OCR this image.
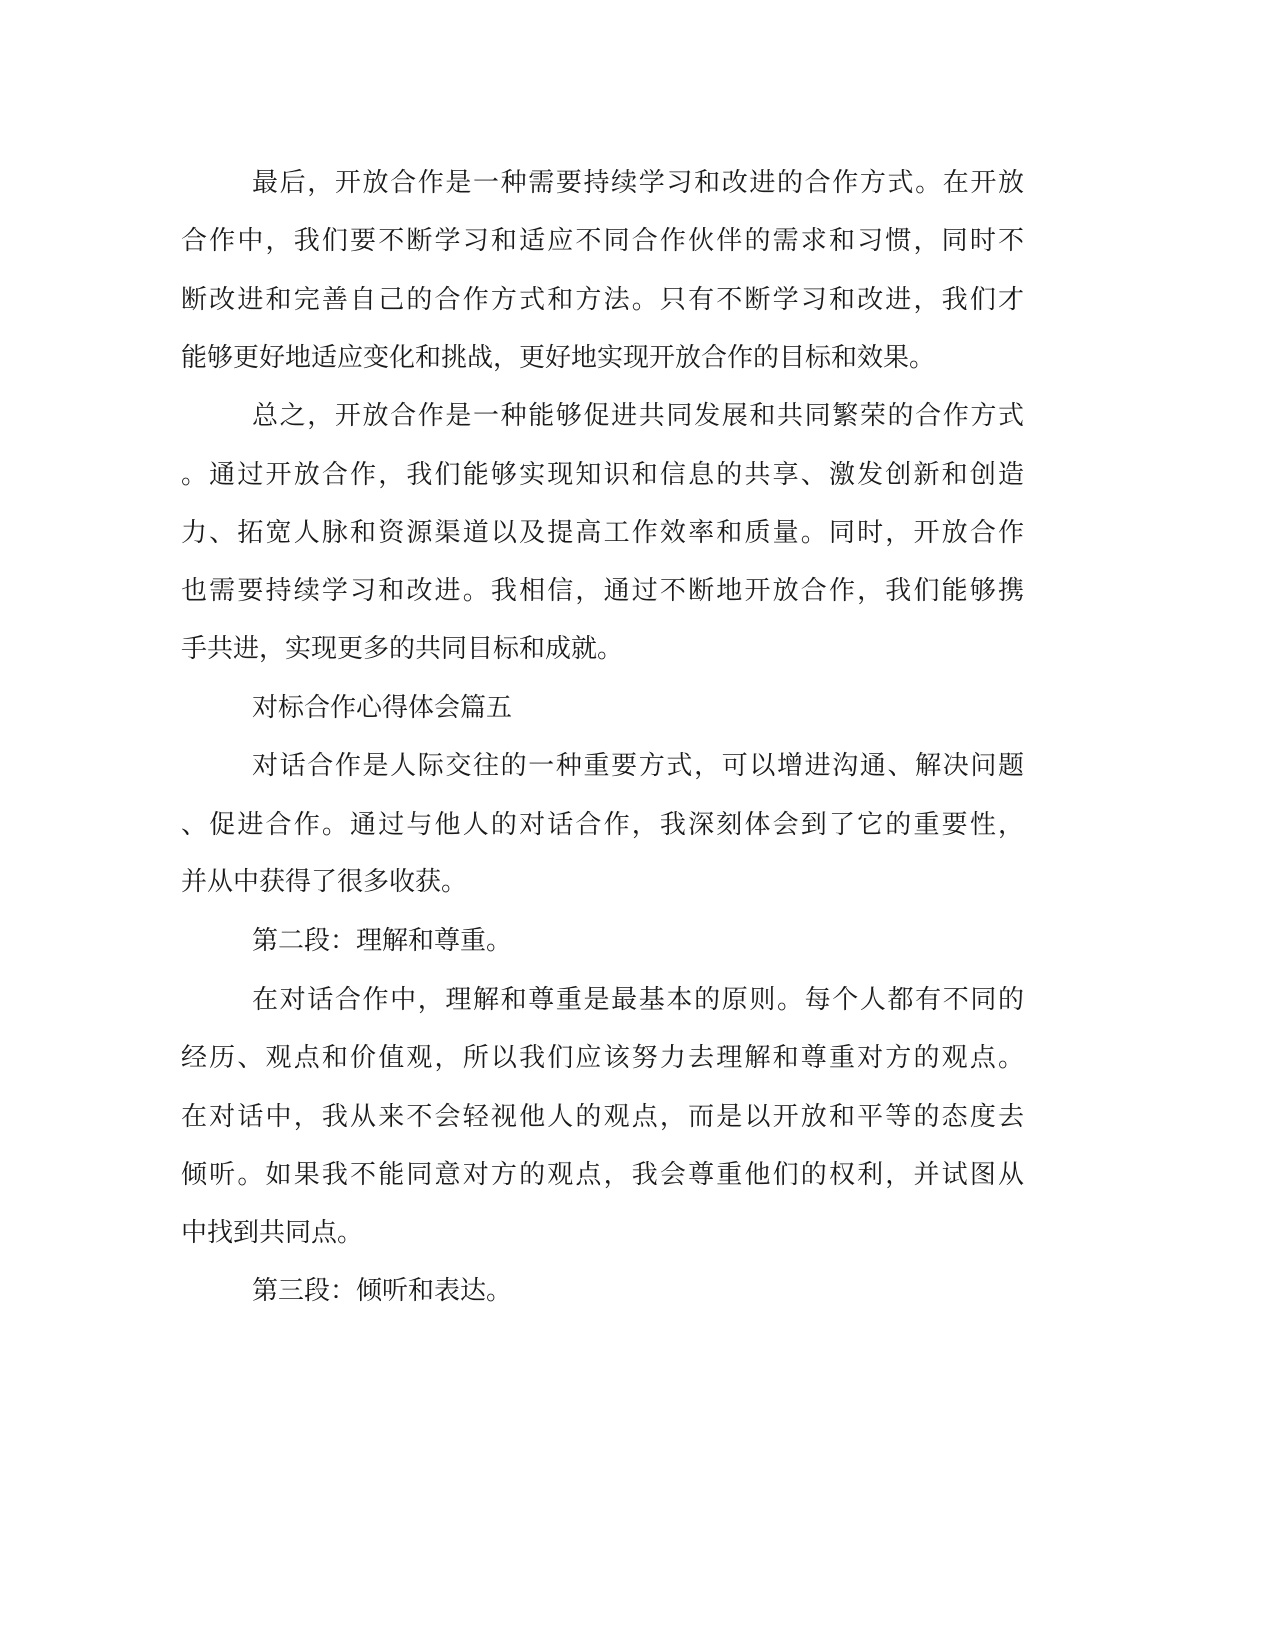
最后，开放合作是一种需要持续学习和改进的合作方式。在开放
合作中，我们要不断学习和适应不同合作伙伴的需求和习惯，同时不
断改进和完善自己的合作方式和方法。只有不断学习和改进，我们才
能够更好地适应变化和挑战，更好地实现开放合作的目标和效果。
总之，开放合作是一种能够促进共同发展和共同繁荣的合作方式
。通过开放合作，我们能够实现知识和信息的共享、激发创新和创造
力、拓宽人脉和资源渠道以及提高工作效率和质量。同时，开放合作
也需要持续学习和改进。我相信，通过不断地开放合作，我们能够携
手共进，实现更多的共同目标和成就。
对标合作心得体会篇五
对话合作是人际交往的一种重要方式，可以增进沟通、解决问题
、促进合作。通过与他人的对话合作，我深刻体会到了它的重要性，
并从中获得了很多收获。
第二段：理解和尊重。
在对话合作中，理解和尊重是最基本的原则。每个人都有不同的
经历、观点和价值观，所以我们应该努力去理解和尊重对方的观点。
在对话中，我从来不会轻视他人的观点，而是以开放和平等的态度去
倾听。如果我不能同意对方的观点，我会尊重他们的权利，并试图从
中找到共同点。
第三段：倾听和表达。
